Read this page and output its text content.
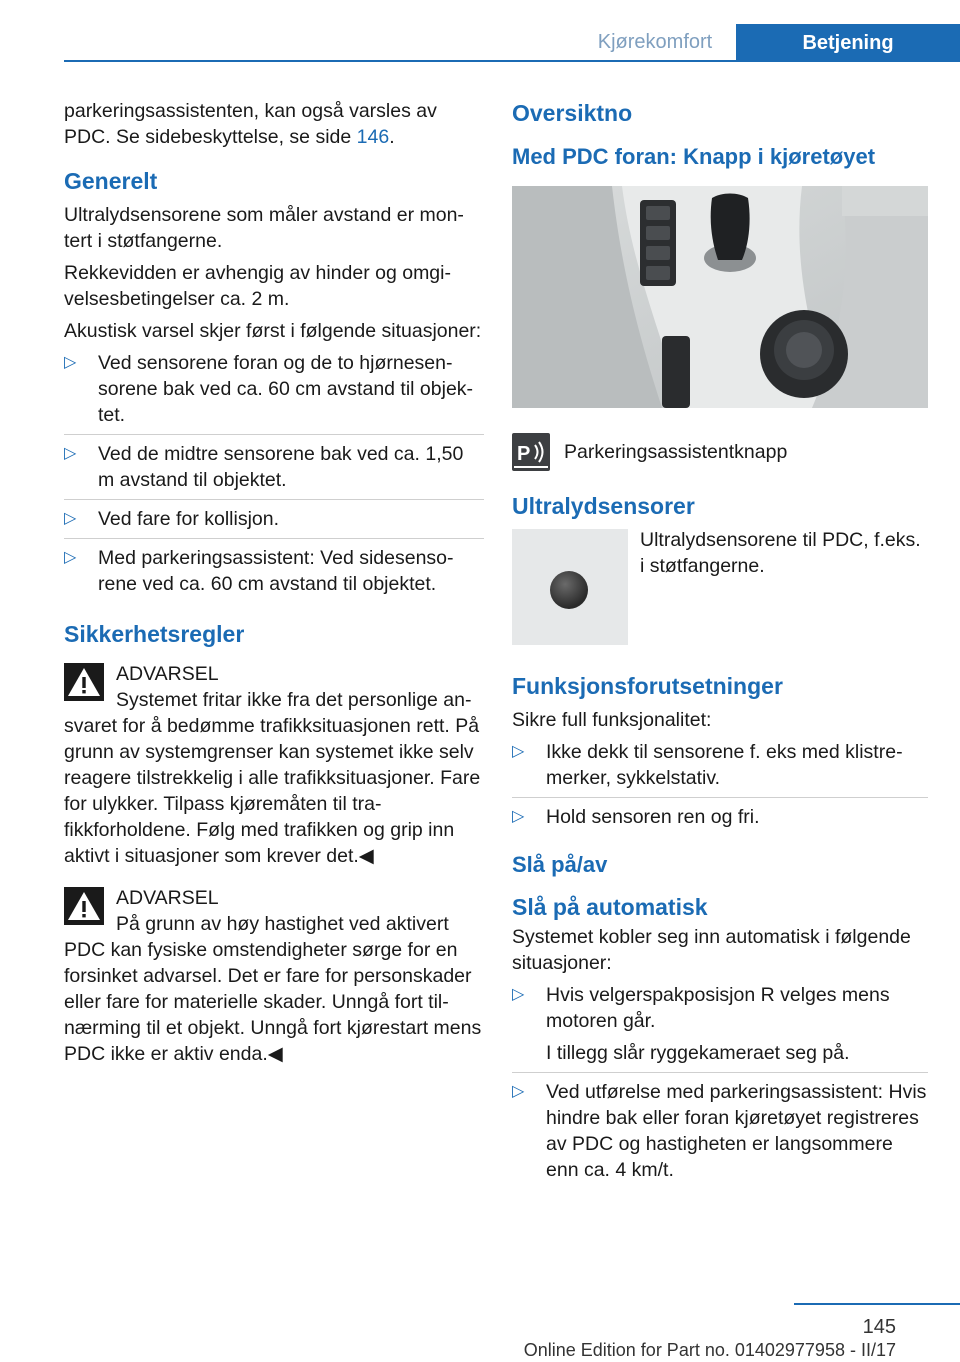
Kjørekomfort	Betjening

parkeringsassistenten, kan også varsles av PDC. Se sidebeskyttelse, se side 146.

Generelt

Ultralydsensorene som måler avstand er montert i støtfangerne.

Rekkevidden er avhengig av hinder og omgivelsesbetingelser ca. 2 m.

Akustisk varsel skjer først i følgende situasjoner:

▷ Ved sensorene foran og de to hjørnesensorene bak ved ca. 60 cm avstand til objektet.
▷ Ved de midtre sensorene bak ved ca. 1,50 m avstand til objektet.
▷ Ved fare for kollisjon.
▷ Med parkeringsassistent: Ved sidesensorene ved ca. 60 cm avstand til objektet.
Sikkerhetsregler
ADVARSEL
Systemet fritar ikke fra det personlige ansvaret for å bedømme trafikksituasjonen rett. På grunn av systemgrenser kan systemet ikke selv reagere tilstrekkelig i alle trafikksituasjoner. Fare for ulykker. Tilpass kjøremåten til trafikkforholdene. Følg med trafikken og grip inn aktivt i situasjoner som krever det.◀
ADVARSEL
På grunn av høy hastighet ved aktivert PDC kan fysiske omstendigheter sørge for en forsinket advarsel. Det er fare for personskader eller fare for materielle skader. Unngå fort tilnærming til et objekt. Unngå fort kjørestart mens PDC ikke er aktiv enda.◀
Oversiktno
Med PDC foran: Knapp i kjøretøyet
P Parkeringsassistentknapp
Ultralydsensorer
Ultralydsensorene til PDC, f.eks. i støtfangerne.
Funksjonsforutsetninger

Sikre full funksjonalitet:

▷ Ikke dekk til sensorene f. eks med klistremerker, sykkelstativ.
▷ Hold sensoren ren og fri.
Slå på/av
Slå på automatisk

Systemet kobler seg inn automatisk i følgende situasjoner:

▷ Hvis velgerspakposisjon R velges mens motoren går.

I tillegg slår ryggekameraet seg på.

▷ Ved utførelse med parkeringsassistent: Hvis hindre bak eller foran kjøretøyet registreres av PDC og hastigheten er langsommere enn ca. 4 km/t.
145
Online Edition for Part no. 01402977958 - II/17
